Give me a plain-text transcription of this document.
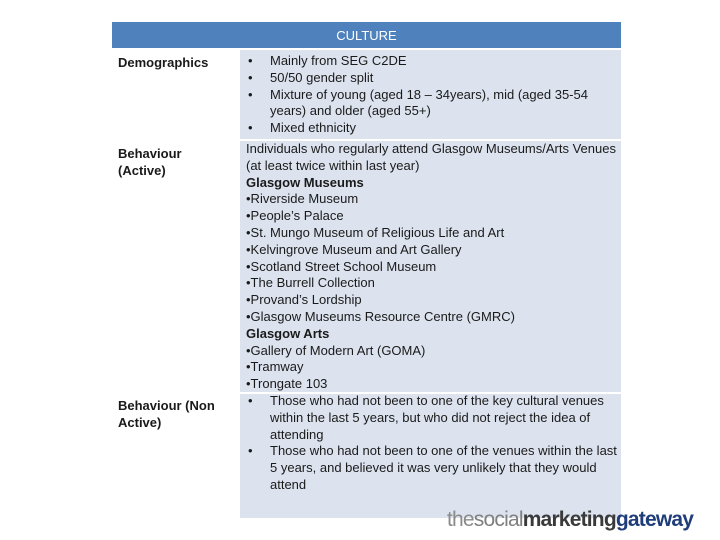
CULTURE
Demographics
Behaviour (Active)
Behaviour (Non Active)
• Mainly from SEG C2DE
• 50/50 gender split
• Mixture of young (aged 18 – 34years), mid (aged 35-54 years) and older (aged 55+)
• Mixed ethnicity

Individuals who regularly attend Glasgow Museums/Arts Venues (at least twice within last year)

Glasgow Museums

•Riverside Museum

•People’s Palace

•St. Mungo Museum of Religious Life and Art

•Kelvingrove Museum and Art Gallery

•Scotland Street School Museum

•The Burrell Collection

•Provand’s Lordship

•Glasgow Museums Resource Centre (GMRC)

Glasgow Arts

•Gallery of Modern Art (GOMA)

•Tramway

•Trongate 103

• Those who had not been to one of the key cultural venues within the last 5 years, but who did not reject the idea of attending
• Those who had not been to one of the venues within the last 5 years, and believed it was very unlikely that they would attend
thesocialmarketinggateway
